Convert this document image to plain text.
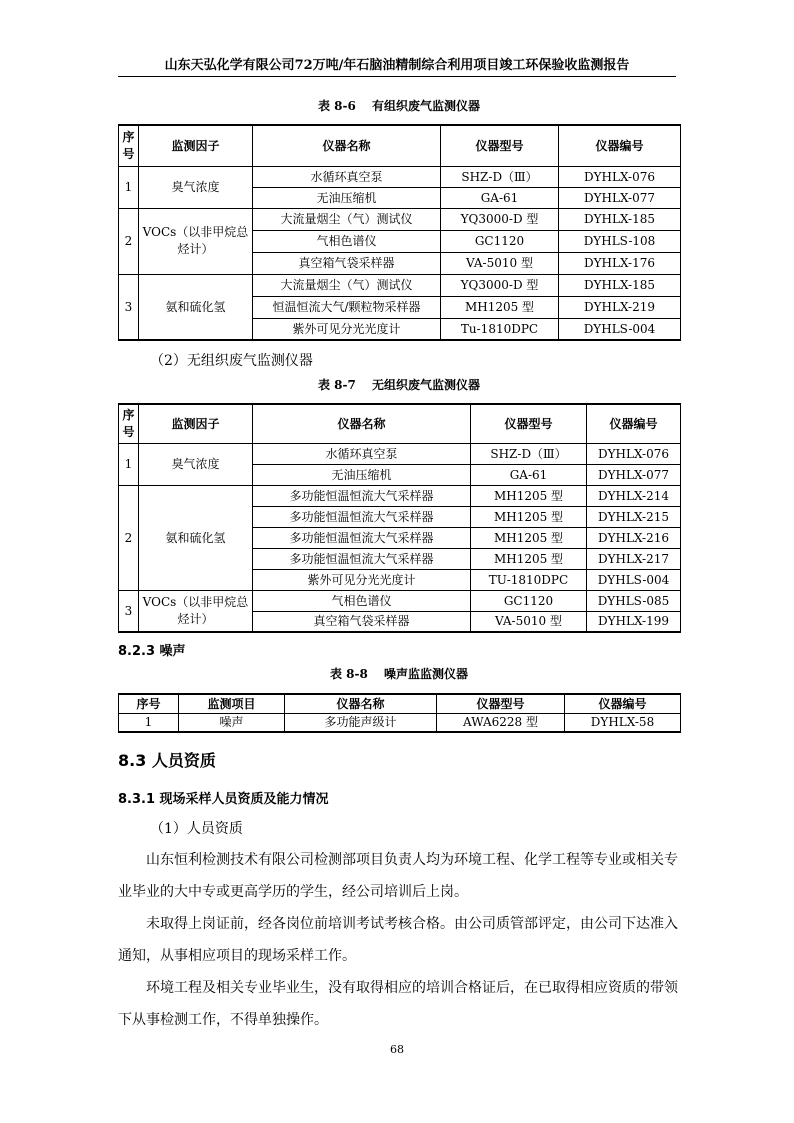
山东天弘化学有限公司72万吨/年石脑油精制综合利用项目竣工环保验收监测报告
表 8-6　 有组织废气监测仪器
序号	监测因子	仪器名称	仪器型号	仪器编号
1	臭气浓度	水循环真空泵	SHZ-D（Ⅲ）	DYHLX-076
		无油压缩机	GA-61	DYHLX-077
2	VOCs（以非甲烷总烃计）	大流量烟尘（气）测试仪	YQ3000-D 型	DYHLX-185
		气相色谱仪	GC1120	DYHLS-108
		真空箱气袋采样器	VA-5010 型	DYHLX-176
3	氨和硫化氢	大流量烟尘（气）测试仪	YQ3000-D 型	DYHLX-185
		恒温恒流大气/颗粒物采样器	MH1205 型	DYHLX-219
		紫外可见分光光度计	Tu-1810DPC	DYHLS-004
（2）无组织废气监测仪器
表 8-7　 无组织废气监测仪器
序号	监测因子	仪器名称	仪器型号	仪器编号
1	臭气浓度	水循环真空泵	SHZ-D（Ⅲ）	DYHLX-076
		无油压缩机	GA-61	DYHLX-077
2	氨和硫化氢	多功能恒温恒流大气采样器	MH1205 型	DYHLX-214
		多功能恒温恒流大气采样器	MH1205 型	DYHLX-215
		多功能恒温恒流大气采样器	MH1205 型	DYHLX-216
		多功能恒温恒流大气采样器	MH1205 型	DYHLX-217
		紫外可见分光光度计	TU-1810DPC	DYHLS-004
3	VOCs（以非甲烷总烃计）	气相色谱仪	GC1120	DYHLS-085
		真空箱气袋采样器	VA-5010 型	DYHLX-199
8.2.3 噪声
表 8-8　 噪声监监测仪器
序号	监测项目	仪器名称	仪器型号	仪器编号
1	噪声	多功能声级计	AWA6228 型	DYHLX-58
8.3 人员资质
8.3.1 现场采样人员资质及能力情况
（1）人员资质
山东恒利检测技术有限公司检测部项目负责人均为环境工程、化学工程等专业或相关专业毕业的大中专或更高学历的学生，经公司培训后上岗。
未取得上岗证前，经各岗位前培训考试考核合格。由公司质管部评定，由公司下达准入通知，从事相应项目的现场采样工作。
环境工程及相关专业毕业生，没有取得相应的培训合格证后，在已取得相应资质的带领下从事检测工作，不得单独操作。
68
